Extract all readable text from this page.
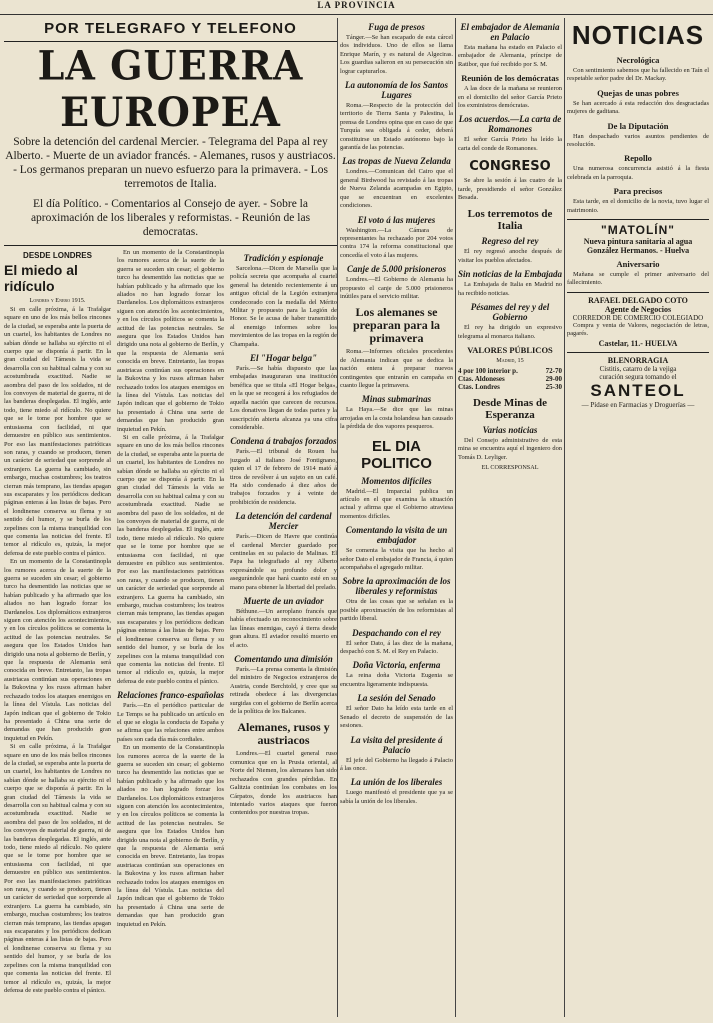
LA PROVINCIA
POR TELEGRAFO Y TELEFONO
LA GUERRA EUROPEA
Sobre la detención del cardenal Mercier. - Telegrama del Papa al rey Alberto. - Muerte de un aviador francés. - Alemanes, rusos y austriacos. - Los germanos preparan un nuevo esfuerzo para la primavera. - Los terremotos de Italia.
El día Político. - Comentarios al Consejo de ayer. - Sobre la aproximación de los liberales y reformistas. - Reunión de las democratas.
DESDE LONDRES
El miedo al ridículo
Londres y Enero 1915.

Si en calle próxima, á la Trafalgar square en uno de los más bellos rincones de la ciudad, se esperaba ante la puerta de un cuartel, los habitantes de Londres no sabían dónde se hallaba su ejército ni el cuerpo que se disponía á partir. En la gran ciudad del Támesis la vida se desarrolla con su habitual calma y con su acostumbrada exactitud. Nadie se asombra del paso de los soldados, ni de los convoyes de material de guerra, ni de las banderas desplegadas. El inglés, ante todo, tiene miedo al ridículo. No quiere que se le tome por hombre que se entusiasma con facilidad, ni que demuestre en público sus sentimientos. Por eso las manifestaciones patrióticas son raras, y cuando se producen, tienen un carácter de seriedad que sorprende al extranjero. La guerra ha cambiado, sin embargo, muchas costumbres; los teatros cierran más temprano, las tiendas apagan sus escaparates y los periódicos dedican páginas enteras á las listas de bajas. Pero el londinense conserva su flema y su sentido del humor, y se burla de los zepelines con la misma tranquilidad con que comenta las noticias del frente. El temor al ridículo es, quizás, la mejor defensa de este pueblo contra el pánico.

En un momento de la Constantinopla los rumores acerca de la suerte de la guerra se suceden sin cesar; el gobierno turco ha desmentido las noticias que se habían publicado y ha afirmado que los aliados no han logrado forzar los Dardanelos. Los diplomáticos extranjeros siguen con atención los acontecimientos, y en los círculos políticos se comenta la actitud de las potencias neutrales. Se asegura que los Estados Unidos han dirigido una nota al gobierno de Berlín, y que la respuesta de Alemania será conocida en breve. Entretanto, las tropas austriacas continúan sus operaciones en la Bukovina y los rusos afirman haber rechazado todos los ataques enemigos en la línea del Vístula. Las noticias del Japón indican que el gobierno de Tokio ha presentado á China una serie de demandas que han producido gran inquietud en Pekín.

Si en calle próxima, á la Trafalgar square en uno de los más bellos rincones de la ciudad, se esperaba ante la puerta de un cuartel, los habitantes de Londres no sabían dónde se hallaba su ejército ni el cuerpo que se disponía á partir. En la gran ciudad del Támesis la vida se desarrolla con su habitual calma y con su acostumbrada exactitud. Nadie se asombra del paso de los soldados, ni de los convoyes de material de guerra, ni de las banderas desplegadas. El inglés, ante todo, tiene miedo al ridículo. No quiere que se le tome por hombre que se entusiasma con facilidad, ni que demuestre en público sus sentimientos. Por eso las manifestaciones patrióticas son raras, y cuando se producen, tienen un carácter de seriedad que sorprende al extranjero. La guerra ha cambiado, sin embargo, muchas costumbres; los teatros cierran más temprano, las tiendas apagan sus escaparates y los periódicos dedican páginas enteras á las listas de bajas. Pero el londinense conserva su flema y su sentido del humor, y se burla de los zepelines con la misma tranquilidad con que comenta las noticias del frente. El temor al ridículo es, quizás, la mejor defensa de este pueblo contra el pánico.

En un momento de la Constantinopla los rumores acerca de la suerte de la guerra se suceden sin cesar; el gobierno turco ha desmentido las noticias que se habían publicado y ha afirmado que los aliados no han logrado forzar los Dardanelos. Los diplomáticos extranjeros siguen con atención los acontecimientos, y en los círculos políticos se comenta la actitud de las potencias neutrales. Se asegura que los Estados Unidos han dirigido una nota al gobierno de Berlín, y que la respuesta de Alemania será conocida en breve. Entretanto, las tropas austriacas continúan sus operaciones en la Bukovina y los rusos afirman haber rechazado todos los ataques enemigos en la línea del Vístula. Las noticias del Japón indican que el gobierno de Tokio ha presentado á China una serie de demandas que han producido gran inquietud en Pekín.

Si en calle próxima, á la Trafalgar square en uno de los más bellos rincones de la ciudad, se esperaba ante la puerta de un cuartel, los habitantes de Londres no sabían dónde se hallaba su ejército ni el cuerpo que se disponía á partir. En la gran ciudad del Támesis la vida se desarrolla con su habitual calma y con su acostumbrada exactitud. Nadie se asombra del paso de los soldados, ni de los convoyes de material de guerra, ni de las banderas desplegadas. El inglés, ante todo, tiene miedo al ridículo. No quiere que se le tome por hombre que se entusiasma con facilidad, ni que demuestre en público sus sentimientos. Por eso las manifestaciones patrióticas son raras, y cuando se producen, tienen un carácter de seriedad que sorprende al extranjero. La guerra ha cambiado, sin embargo, muchas costumbres; los teatros cierran más temprano, las tiendas apagan sus escaparates y los periódicos dedican páginas enteras á las listas de bajas. Pero el londinense conserva su flema y su sentido del humor, y se burla de los zepelines con la misma tranquilidad con que comenta las noticias del frente. El temor al ridículo es, quizás, la mejor defensa de este pueblo contra el pánico.

Relaciones franco-españolas

París.—En el periódico particular de Le Temps se ha publicado un artículo en el que se elogia la conducta de España y se afirma que las relaciones entre ambos países son cada día más cordiales.

En un momento de la Constantinopla los rumores acerca de la suerte de la guerra se suceden sin cesar; el gobierno turco ha desmentido las noticias que se habían publicado y ha afirmado que los aliados no han logrado forzar los Dardanelos. Los diplomáticos extranjeros siguen con atención los acontecimientos, y en los círculos políticos se comenta la actitud de las potencias neutrales. Se asegura que los Estados Unidos han dirigido una nota al gobierno de Berlín, y que la respuesta de Alemania será conocida en breve. Entretanto, las tropas austriacas continúan sus operaciones en la Bukovina y los rusos afirman haber rechazado todos los ataques enemigos en la línea del Vístula. Las noticias del Japón indican que el gobierno de Tokio ha presentado á China una serie de demandas que han producido gran inquietud en Pekín.

Tradición y espionaje

Sarcelona.—Dicen de Marsella que la policía secreta que acompaña al cuartel general ha detenido recientemente á un antiguo oficial de la Legión extranjera condecorado con la medalla del Mérito Militar y propuesto para la Legión de Honor. Se le acusa de haber transmitido al enemigo informes sobre los movimientos de las tropas en la región de Champaña.

El "Hogar belga"

París.—Se había dispuesto que las embajadas inauguraran una institución benéfica que se titula «El Hogar belga», en la que se recogerá á los refugiados de aquella nación que carecen de recursos. Los donativos llegan de todas partes y la suscripción abierta alcanza ya una cifra considerable.

Condena á trabajos forzados

París.—El tribunal de Rouen ha juzgado al italiano José Fontignano, quien el 17 de febrero de 1914 mató á tiros de revólver á un sujeto en un café. Ha sido condenado á diez años de trabajos forzados y á veinte de prohibición de residencia.

La detención del cardenal Mercier

París.—Dicen de Havre que continúa el cardenal Mercier guardado por centinelas en su palacio de Malinas. El Papa ha telegrafiado al rey Alberto expresándole su profundo dolor y asegurándole que hará cuanto esté en su mano para obtener la libertad del prelado.

Muerte de un aviador

Béthune.—Un aeroplano francés que había efectuado un reconocimiento sobre las líneas enemigas, cayó á tierra desde gran altura. El aviador resultó muerto en el acto.

Comentando una dimisión

París.—La prensa comenta la dimisión del ministro de Negocios extranjeros de Austria, conde Berchtold, y cree que su retirada obedece á las divergencias surgidas con el gobierno de Berlín acerca de la política de los Balcanes.

Alemanes, rusos y austriacos

Londres.—El cuartel general ruso comunica que en la Prusia oriental, al Norte del Niemen, los alemanes han sido rechazados con grandes pérdidas. En Galitzia continúan los combates en los Cárpatos, donde los austriacos han intentado varios ataques que fueron contenidos por nuestras tropas.

Fuga de presos

Tánger.—Se han escapado de esta cárcel dos individuos. Uno de ellos se llama Enrique Marín, y es natural de Algeciras. Los guardias salieron en su persecución sin lograr capturarlos.

La autonomía de los Santos Lugares

Roma.—Respecto de la protección del territorio de Tierra Santa y Palestina, la prensa de Londres opina que en caso de que Turquía sea obligada á ceder, deberá constituirse un Estado autónomo bajo la garantía de las potencias.

Las tropas de Nueva Zelanda

Londres.—Comunican del Cairo que el general Birdwood ha revistado á las tropas de Nueva Zelanda acampadas en Egipto, que se encuentran en excelentes condiciones.

El voto á las mujeres

Washington.—La Cámara de representantes ha rechazado por 204 votos contra 174 la reforma constitucional que concedía el voto á las mujeres.

Canje de 5.000 prisioneros

Londres.—El Gobierno de Alemania ha propuesto el canje de 5.000 prisioneros inútiles para el servicio militar.

Los alemanes se preparan para la primavera

Roma.—Informes oficiales procedentes de Alemania indican que se dedica la nación entera á preparar nuevos contingentes que entrarán en campaña en cuanto llegue la primavera.

Minas submarinas

La Haya.—Se dice que las minas arrojadas en la costa holandesa han causado la pérdida de dos vapores pesqueros.

EL DIA POLITICO
Momentos difíciles

Madrid.—El Imparcial publica un artículo en el que examina la situación actual y afirma que el Gobierno atraviesa momentos difíciles.

Comentando la visita de un embajador

Se comenta la visita que ha hecho al señor Dato el embajador de Francia, á quien acompañaba el agregado militar.

Sobre la aproximación de los liberales y reformistas

Otra de las cosas que se señalan es la posible aproximación de los reformistas al partido liberal.

Despachando con el rey

El señor Dato, á las diez de la mañana, despachó con S. M. el Rey en Palacio.

Doña Victoria, enferma

La reina doña Victoria Eugenia se encuentra ligeramente indispuesta.

La sesión del Senado

El señor Dato ha leído esta tarde en el Senado el decreto de suspensión de las sesiones.

La visita del presidente á Palacio

El jefe del Gobierno ha llegado á Palacio á las once.

La unión de los liberales

Luego manifestó el presidente que ya se sabía la unión de los liberales.

El embajador de Alemania en Palacio

Esta mañana ha estado en Palacio el embajador de Alemania, príncipe de Ratibor, que fué recibido por S. M.

Reunión de los demócratas

A las doce de la mañana se reunieron en el domicilio del señor García Prieto los exministros demócratas.

Los acuerdos.—La carta de Romanones

El señor García Prieto ha leído la carta del conde de Romanones.

CONGRESO

Se abre la sesión á las cuatro de la tarde, presidiendo el señor González Besada.

Los terremotos de Italia
Regreso del rey

El rey regresó anoche después de visitar los pueblos afectados.

Sin noticias de la Embajada

La Embajada de Italia en Madrid no ha recibido noticias.

Pésames del rey y del Gobierno

El rey ha dirigido un expresivo telegrama al monarca italiano.

VALORES PÚBLICOS
Madrid, 15
4 por 100 interior p.	72-70
Ctas. Aldoneses	29-00
Ctas. Londres	25-30
Desde Minas de Esperanza
Varias noticias

Del Consejo administrativo de esta mina se encuentra aquí el ingeniero don Tomás D. Leyliger.

EL CORRESPONSAL
NOTICIAS
Necrológica

Con sentimiento sabemos que ha fallecido en Taín el respetable señor padre del Dr. Mackay.

Quejas de unas pobres

Se han acercado á esta redacción dos desgraciadas mujeres de gaditana.

De la Diputación

Han despachado varios asuntos pendientes de resolución.

Repollo

Una numerosa concurrencia asistió á la fiesta celebrada en la parroquia.

Para precisos

Esta tarde, en el domicilio de la novia, tuvo lugar el matrimonio.

"MATOLÍN"
Nueva pintura sanitaria al agua
González Hermanos. - Huelva
Aniversario

Mañana se cumple el primer aniversario del fallecimiento.

RAFAEL DELGADO COTO
Agente de Negocios
CORREDOR DE COMERCIO COLEGIADO

Compra y venta de Valores, negociación de letras, pagarés.

Castelar, 11.- HUELVA
BLENORRAGIA
Cistitis, catarro de la vejiga
curación segura tomando el
SANTEOL
— Pídase en Farmacias y Droguerías —
